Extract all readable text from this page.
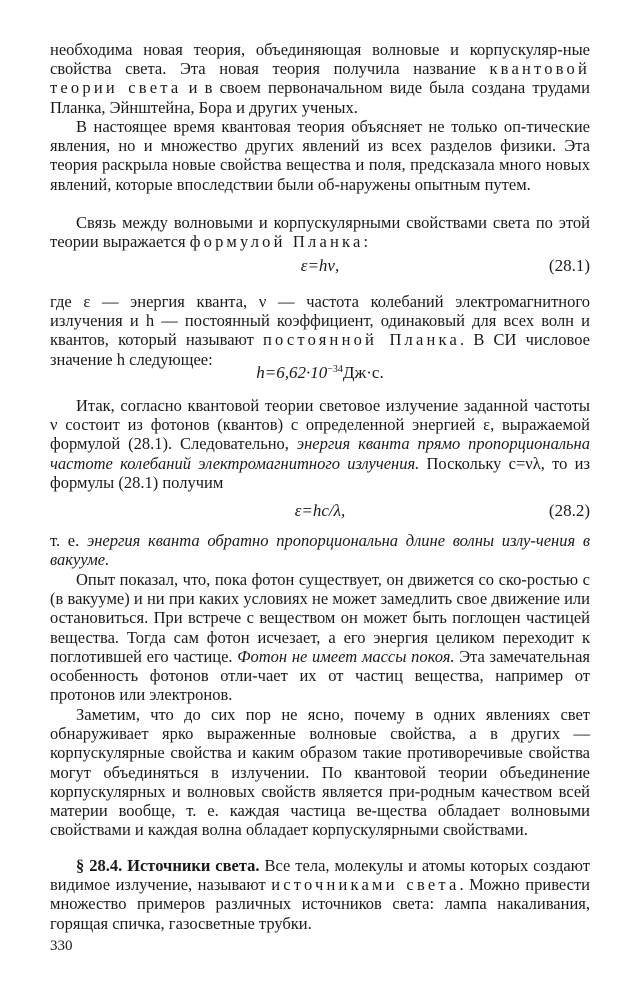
необходима новая теория, объединяющая волновые и корпускуляр-ные свойства света. Эта новая теория получила название квантовой теории света и в своем первоначальном виде была создана трудами Планка, Эйнштейна, Бора и других ученых.

В настоящее время квантовая теория объясняет не только оп-тические явления, но и множество других явлений из всех разделов физики. Эта теория раскрыла новые свойства вещества и поля, предсказала много новых явлений, которые впоследствии были об-наружены опытным путем.

Связь между волновыми и корпускулярными свойствами света по этой теории выражается формулой Планка:

ε=hν,	(28.1)

где ε — энергия кванта, ν — частота колебаний электромагнитного излучения и h — постоянный коэффициент, одинаковый для всех волн и квантов, который называют постоянной Планка. В СИ числовое значение h следующее:

$h=6,62\cdot 10^{-34}Дж\cdot с$.

Итак, согласно квантовой теории световое излучение заданной частоты ν состоит из фотонов (квантов) с определенной энергией ε, выражаемой формулой (28.1). Следовательно, энергия кванта прямо пропорциональна частоте колебаний электромагнитного излучения. Поскольку c=νλ, то из формулы (28.1) получим

ε=hc/λ,	(28.2)

т. е. энергия кванта обратно пропорциональна длине волны излу-чения в вакууме.

Опыт показал, что, пока фотон существует, он движется со ско-ростью c (в вакууме) и ни при каких условиях не может замедлить свое движение или остановиться. При встрече с веществом он может быть поглощен частицей вещества. Тогда сам фотон исчезает, а его энергия целиком переходит к поглотившей его частице. Фотон не имеет массы покоя. Эта замечательная особенность фотонов отли-чает их от частиц вещества, например от протонов или электронов.

Заметим, что до сих пор не ясно, почему в одних явлениях свет обнаруживает ярко выраженные волновые свойства, а в других — корпускулярные свойства и каким образом такие противоречивые свойства могут объединяться в излучении. По квантовой теории объединение корпускулярных и волновых свойств является при-родным качеством всей материи вообще, т. е. каждая частица ве-щества обладает волновыми свойствами и каждая волна обладает корпускулярными свойствами.

§ 28.4. Источники света. Все тела, молекулы и атомы которых создают видимое излучение, называют источниками света. Можно привести множество примеров различных источников света: лампа накаливания, горящая спичка, газосветные трубки.

330
